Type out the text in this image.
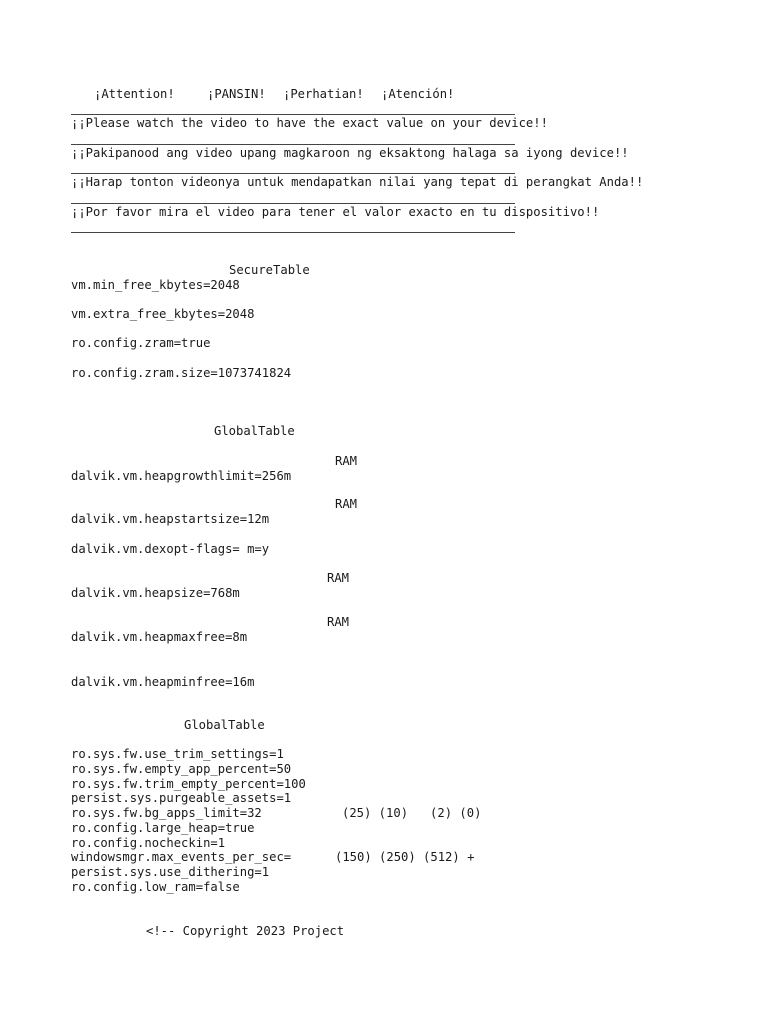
¡Attention!	¡PANSIN! ¡Perhatian! ¡Atención!
¡¡Please watch the video to have the exact value on your device!!
¡¡Pakipanood ang video upang magkaroon ng eksaktong halaga sa iyong device!!
¡¡Harap tonton videonya untuk mendapatkan nilai yang tepat di perangkat Anda!!
¡¡Por favor mira el video para tener el valor exacto en tu dispositivo!!
SecureTable
vm.min_free_kbytes=2048
vm.extra_free_kbytes=2048
ro.config.zram=true
ro.config.zram.size=1073741824
GlobalTable
RAM
dalvik.vm.heapgrowthlimit=256m
RAM
dalvik.vm.heapstartsize=12m
dalvik.vm.dexopt-flags= m=y
RAM
dalvik.vm.heapsize=768m
RAM
dalvik.vm.heapmaxfree=8m
dalvik.vm.heapminfree=16m
GlobalTable
ro.sys.fw.use_trim_settings=1
ro.sys.fw.empty_app_percent=50
ro.sys.fw.trim_empty_percent=100
persist.sys.purgeable_assets=1
ro.sys.fw.bg_apps_limit=32	(25) (10)   (2) (0)
ro.config.large_heap=true
ro.config.nocheckin=1
windowsmgr.max_events_per_sec=	(150) (250) (512) +
persist.sys.use_dithering=1
ro.config.low_ram=false
<!-- Copyright 2023 Project
